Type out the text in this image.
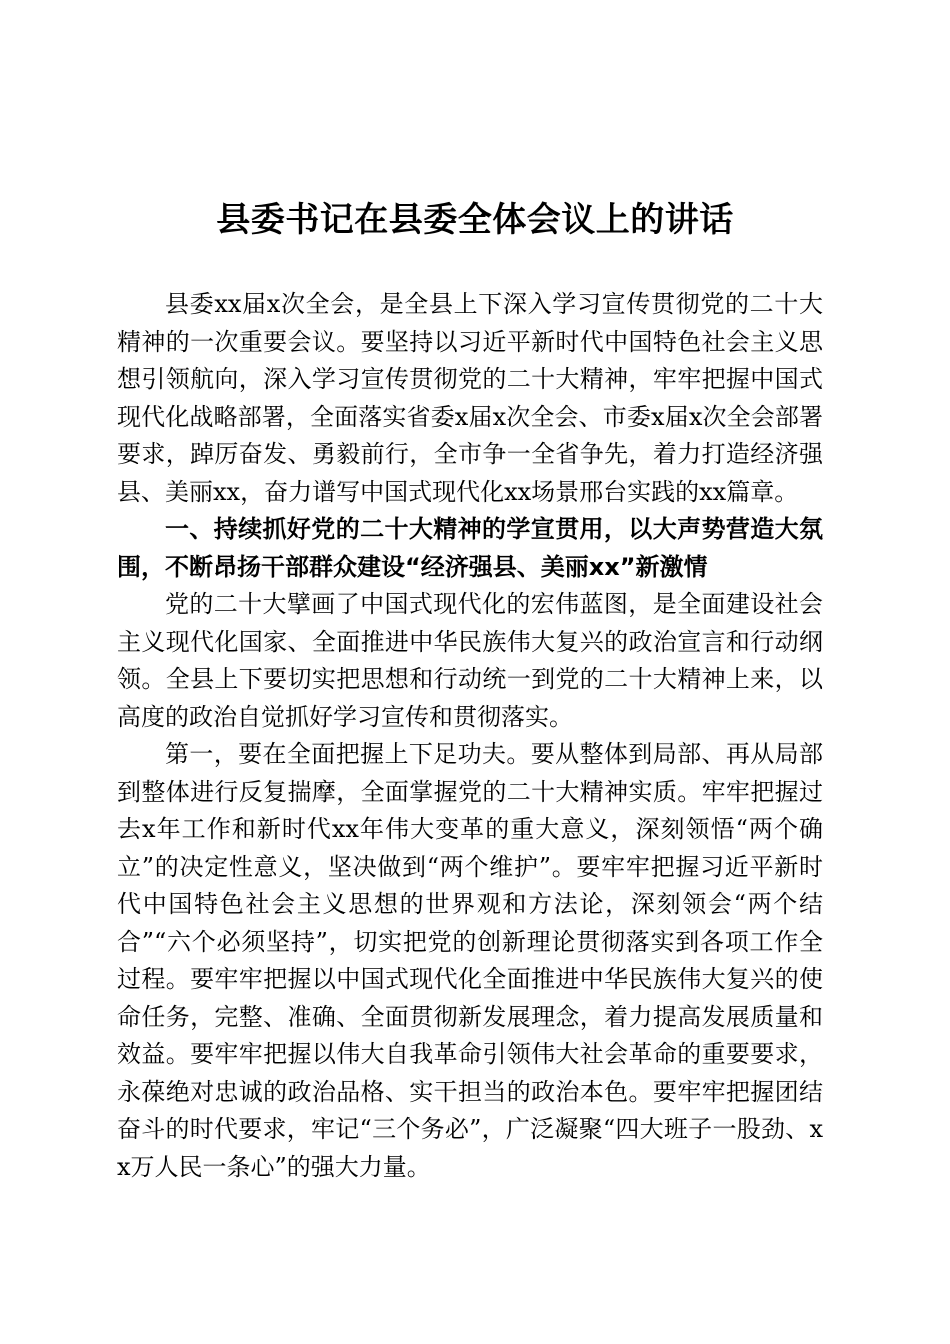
县委书记在县委全体会议上的讲话

县委xx届x次全会，是全县上下深入学习宣传贯彻党的二十大精神的一次重要会议。要坚持以习近平新时代中国特色社会主义思想引领航向，深入学习宣传贯彻党的二十大精神，牢牢把握中国式现代化战略部署，全面落实省委x届x次全会、市委x届x次全会部署要求，踔厉奋发、勇毅前行，全市争一全省争先，着力打造经济强县、美丽xx，奋力谱写中国式现代化xx场景邢台实践的xx篇章。

一、持续抓好党的二十大精神的学宣贯用，以大声势营造大氛围，不断昂扬干部群众建设“经济强县、美丽xx”新激情

党的二十大擘画了中国式现代化的宏伟蓝图，是全面建设社会主义现代化国家、全面推进中华民族伟大复兴的政治宣言和行动纲领。全县上下要切实把思想和行动统一到党的二十大精神上来，以高度的政治自觉抓好学习宣传和贯彻落实。

第一，要在全面把握上下足功夫。要从整体到局部、再从局部到整体进行反复揣摩，全面掌握党的二十大精神实质。牢牢把握过去x年工作和新时代xx年伟大变革的重大意义，深刻领悟“两个确立”的决定性意义，坚决做到“两个维护”。要牢牢把握习近平新时代中国特色社会主义思想的世界观和方法论，深刻领会“两个结合”“六个必须坚持”，切实把党的创新理论贯彻落实到各项工作全过程。要牢牢把握以中国式现代化全面推进中华民族伟大复兴的使命任务，完整、准确、全面贯彻新发展理念，着力提高发展质量和效益。要牢牢把握以伟大自我革命引领伟大社会革命的重要要求，永葆绝对忠诚的政治品格、实干担当的政治本色。要牢牢把握团结奋斗的时代要求，牢记“三个务必”，广泛凝聚“四大班子一股劲、xx万人民一条心”的强大力量。
